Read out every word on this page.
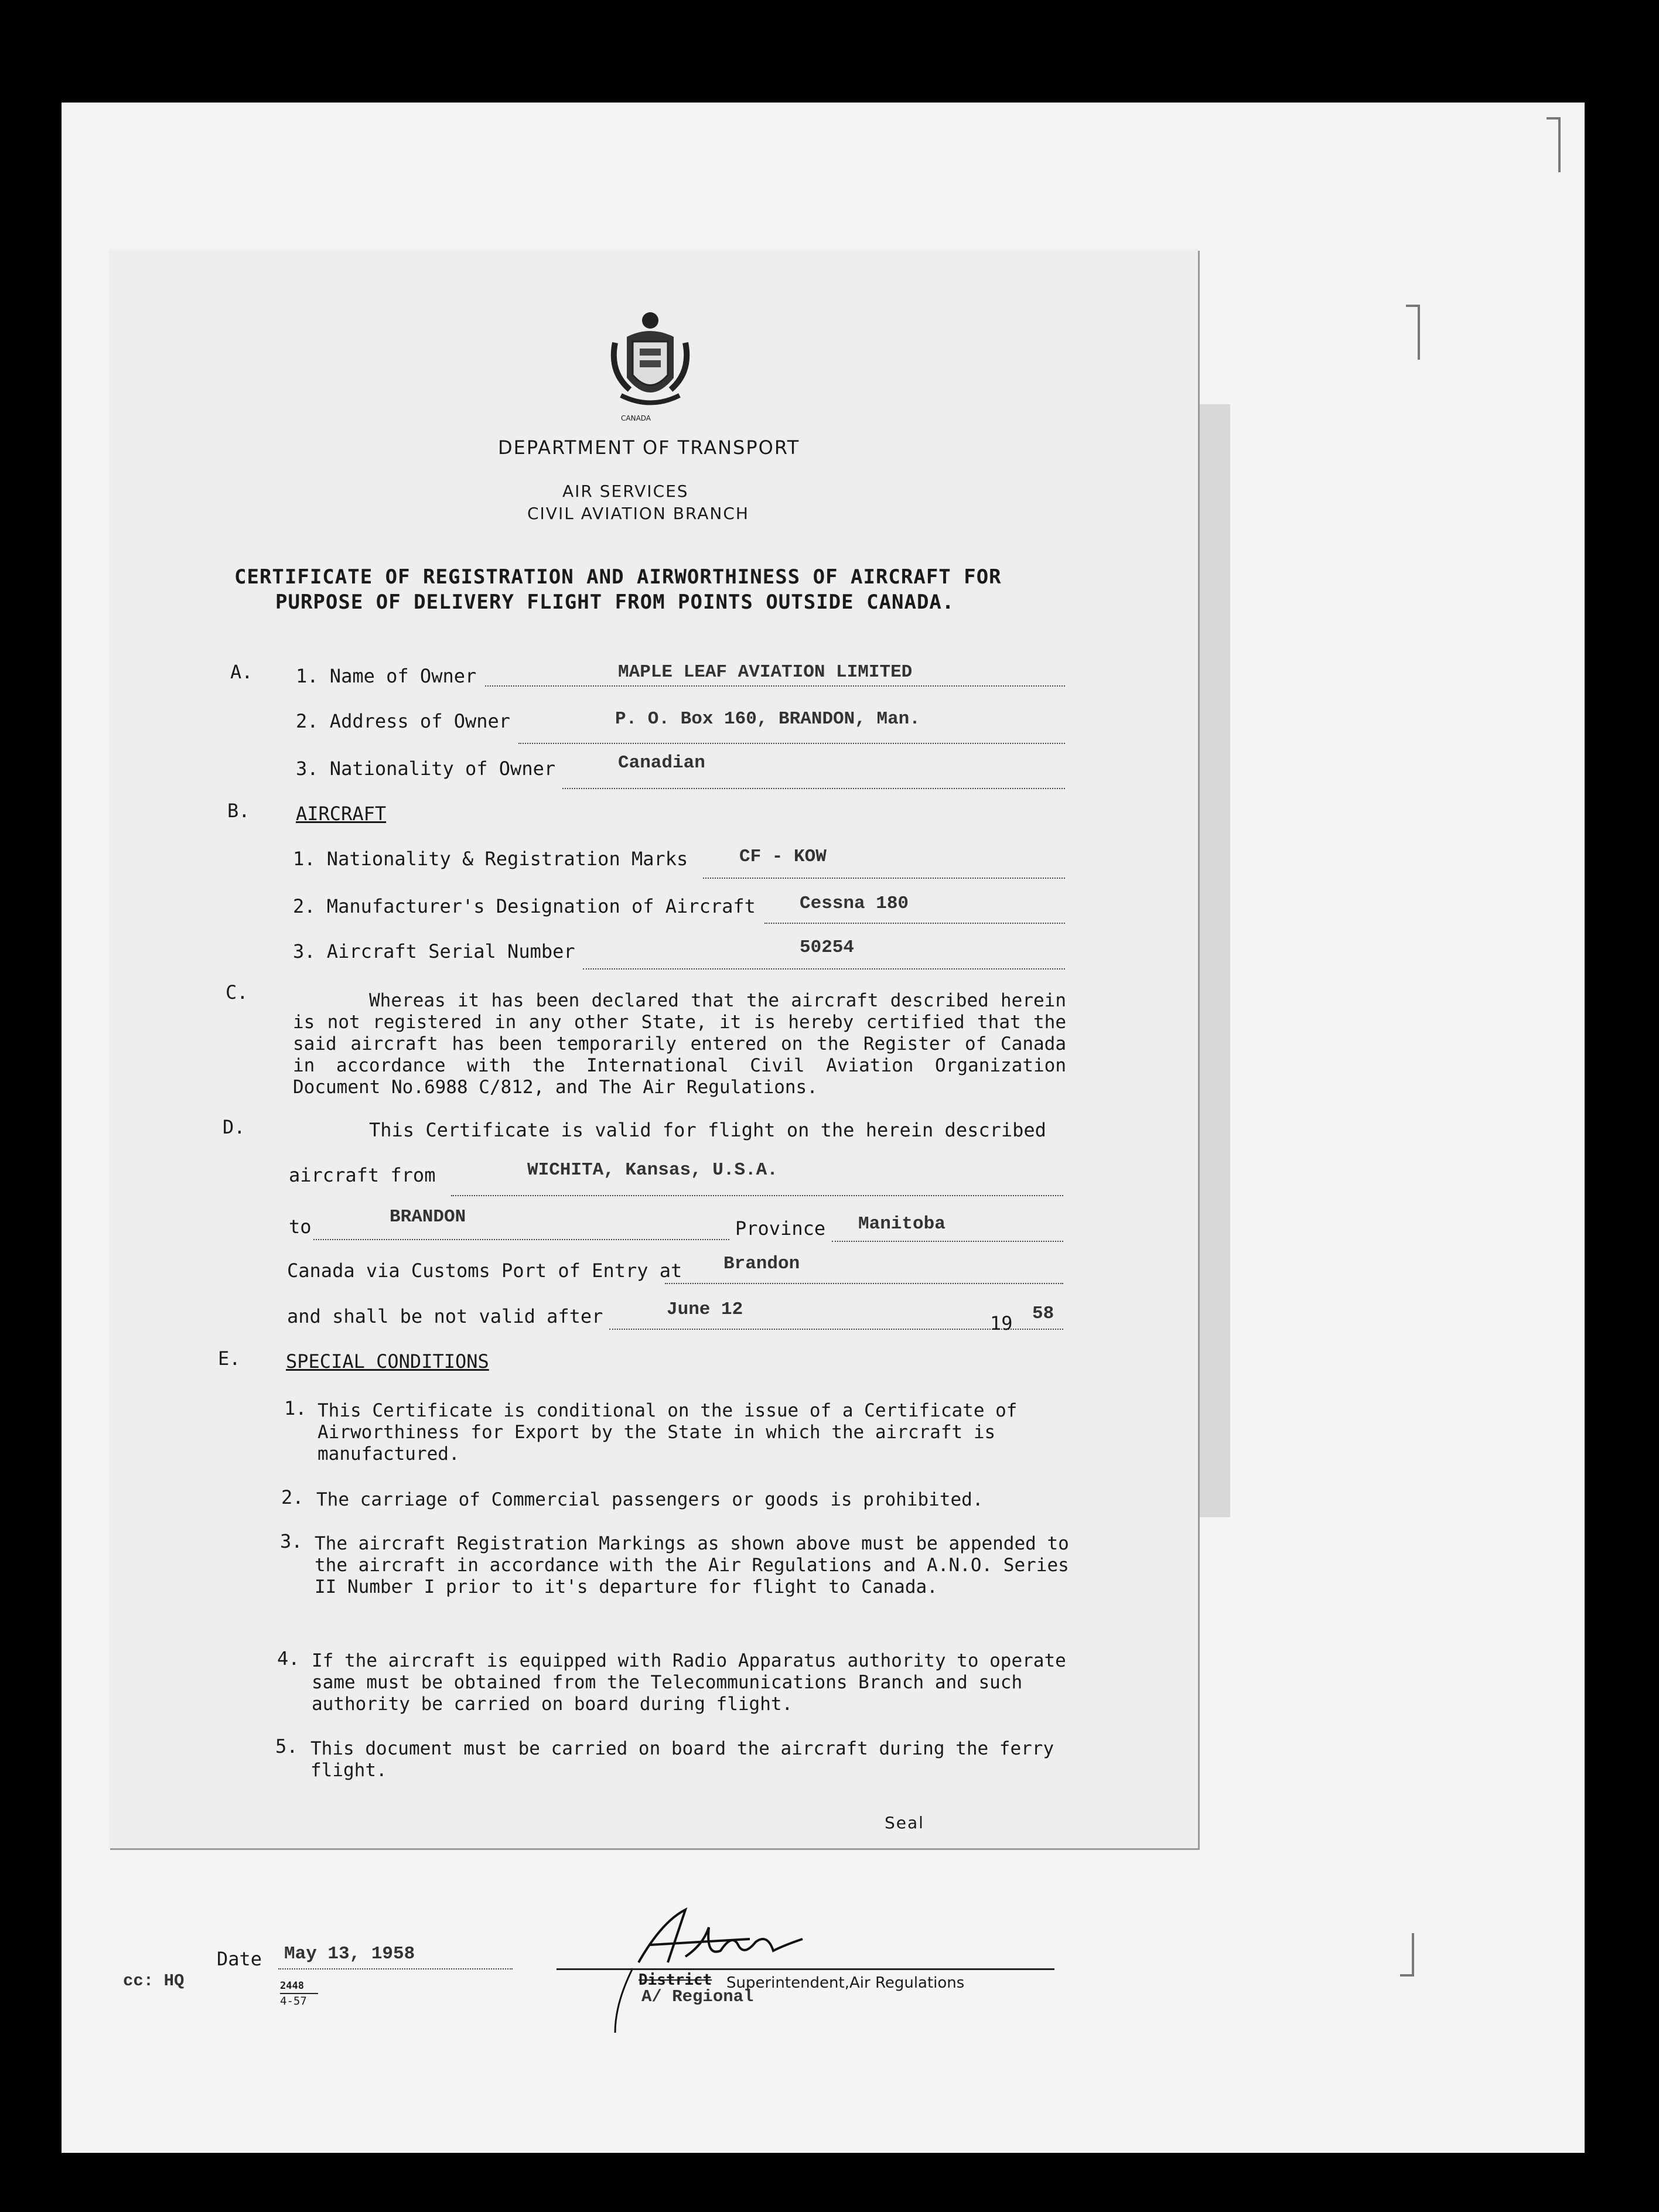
CANADA
DEPARTMENT OF TRANSPORT
AIR SERVICES
CIVIL AVIATION BRANCH
CERTIFICATE OF REGISTRATION AND AIRWORTHINESS OF AIRCRAFT FOR
PURPOSE OF DELIVERY FLIGHT FROM POINTS OUTSIDE CANADA.
A. 1. Name of Owner	MAPLE LEAF AVIATION LIMITED
2. Address of Owner	P. O. Box 160, BRANDON, Man.
3. Nationality of Owner	Canadian
B. AIRCRAFT
1. Nationality & Registration Marks	CF - KOW
2. Manufacturer's Designation of Aircraft Cessna 180
3. Aircraft Serial Number	50254
C.	Whereas it has been declared that the aircraft described herein is not registered in any other State, it is hereby certified that the said aircraft has been temporarily entered on the Register of Canada in accordance with the International Civil Aviation Organization Document No.6988 C/812, and The Air Regulations.
D.	This Certificate is valid for flight on the herein described
aircraft from	WICHITA, Kansas, U.S.A.
to	BRANDON
Province Manitoba
Canada via Customs Port of Entry at Brandon
and shall be not valid after	June 12
19 58
E. SPECIAL CONDITIONS
1. This Certificate is conditional on the issue of a Certificate of Airworthiness for Export by the State in which the aircraft is manufactured.
2. The carriage of Commercial passengers or goods is prohibited.
3. The aircraft Registration Markings as shown above must be appended to the aircraft in accordance with the Air Regulations and A.N.O. Series II Number I prior to it's departure for flight to Canada.
4. If the aircraft is equipped with Radio Apparatus authority to operate same must be obtained from the Telecommunications Branch and such authority be carried on board during flight.
5. This document must be carried on board the aircraft during the ferry flight.
Seal
Date May 13, 1958
District Superintendent,Air Regulations
A/ Regional
cc: HQ	2448
4-57
